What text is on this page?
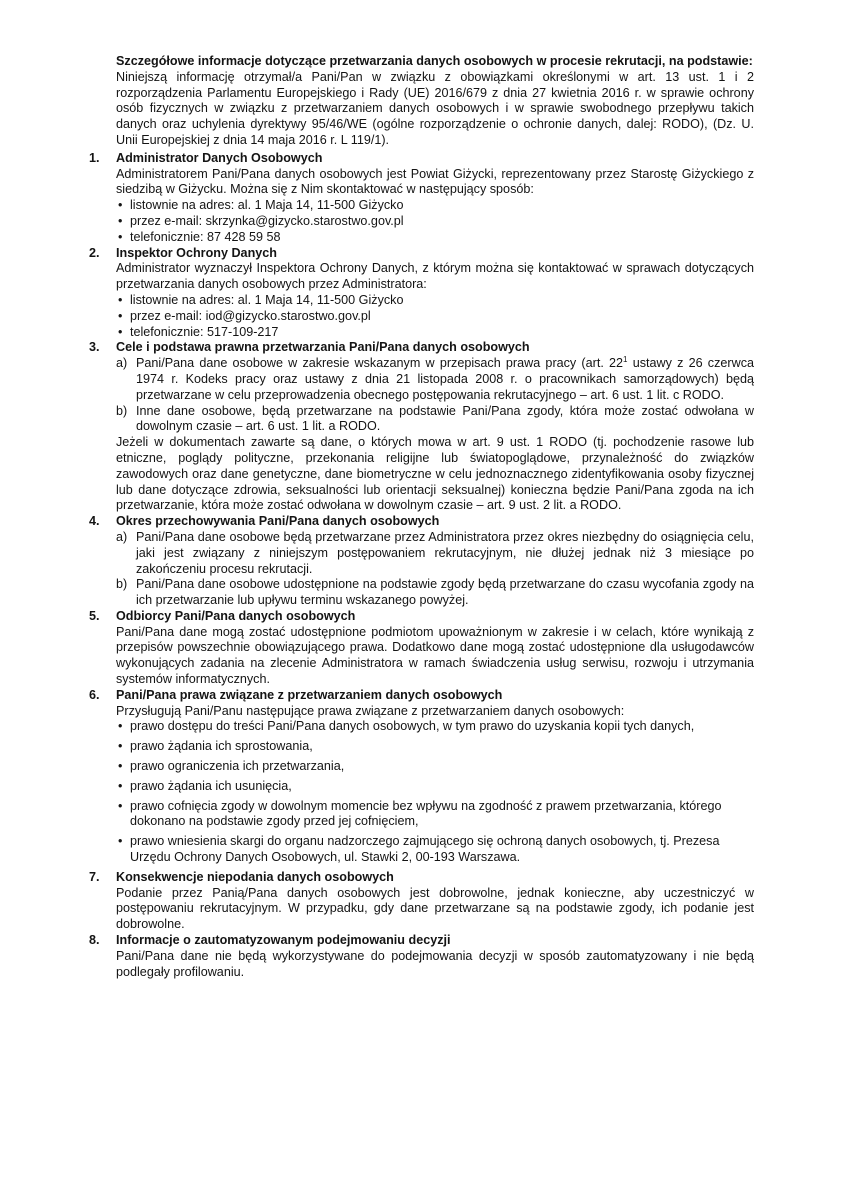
Szczegółowe informacje dotyczące przetwarzania danych osobowych w procesie rekrutacji, na podstawie:

Niniejszą informację otrzymał/a Pani/Pan w związku z obowiązkami określonymi w art. 13 ust. 1 i 2 rozporządzenia Parlamentu Europejskiego i Rady (UE) 2016/679 z dnia 27 kwietnia 2016 r. w sprawie ochrony osób fizycznych w związku z przetwarzaniem danych osobowych i w sprawie swobodnego przepływu takich danych oraz uchylenia dyrektywy 95/46/WE (ogólne rozporządzenie o ochronie danych, dalej: RODO), (Dz. U. Unii Europejskiej z dnia 14 maja 2016 r. L 119/1).

1. Administrator Danych Osobowych

Administratorem Pani/Pana danych osobowych jest Powiat Giżycki, reprezentowany przez Starostę Giżyckiego z siedzibą w Giżycku. Można się z Nim skontaktować w następujący sposób:

• listownie na adres: al. 1 Maja 14, 11-500 Giżycko
• przez e-mail: skrzynka@gizycko.starostwo.gov.pl
• telefonicznie: 87 428 59 58
2. Inspektor Ochrony Danych

Administrator wyznaczył Inspektora Ochrony Danych, z którym można się kontaktować w sprawach dotyczących przetwarzania danych osobowych przez Administratora:

• listownie na adres: al. 1 Maja 14, 11-500 Giżycko
• przez e-mail: iod@gizycko.starostwo.gov.pl
• telefonicznie: 517-109-217
3. Cele i podstawa prawna przetwarzania Pani/Pana danych osobowych

a) Pani/Pana dane osobowe w zakresie wskazanym w przepisach prawa pracy (art. $22^1$ ustawy z 26 czerwca 1974 r. Kodeks pracy oraz ustawy z dnia 21 listopada 2008 r. o pracownikach samorządowych) będą przetwarzane w celu przeprowadzenia obecnego postępowania rekrutacyjnego – art. 6 ust. 1 lit. c RODO.
b) Inne dane osobowe, będą przetwarzane na podstawie Pani/Pana zgody, która może zostać odwołana w dowolnym czasie – art. 6 ust. 1 lit. a RODO.

Jeżeli w dokumentach zawarte są dane, o których mowa w art. 9 ust. 1 RODO (tj. pochodzenie rasowe lub etniczne, poglądy polityczne, przekonania religijne lub światopoglądowe, przynależność do związków zawodowych oraz dane genetyczne, dane biometryczne w celu jednoznacznego zidentyfikowania osoby fizycznej lub dane dotyczące zdrowia, seksualności lub orientacji seksualnej) konieczna będzie Pani/Pana zgoda na ich przetwarzanie, która może zostać odwołana w dowolnym czasie – art. 9 ust. 2 lit. a RODO.

4. Okres przechowywania Pani/Pana danych osobowych

a) Pani/Pana dane osobowe będą przetwarzane przez Administratora przez okres niezbędny do osiągnięcia celu, jaki jest związany z niniejszym postępowaniem rekrutacyjnym, nie dłużej jednak niż 3 miesiące po zakończeniu procesu rekrutacji.
b) Pani/Pana dane osobowe udostępnione na podstawie zgody będą przetwarzane do czasu wycofania zgody na ich przetwarzanie lub upływu terminu wskazanego powyżej.
5. Odbiorcy Pani/Pana danych osobowych

Pani/Pana dane mogą zostać udostępnione podmiotom upoważnionym w zakresie i w celach, które wynikają z przepisów powszechnie obowiązującego prawa. Dodatkowo dane mogą zostać udostępnione dla usługodawców wykonujących zadania na zlecenie Administratora w ramach świadczenia usług serwisu, rozwoju i utrzymania systemów informatycznych.

6. Pani/Pana prawa związane z przetwarzaniem danych osobowych

Przysługują Pani/Panu następujące prawa związane z przetwarzaniem danych osobowych:

• prawo dostępu do treści Pani/Pana danych osobowych, w tym prawo do uzyskania kopii tych danych,
• prawo żądania ich sprostowania,
• prawo ograniczenia ich przetwarzania,
• prawo żądania ich usunięcia,
• prawo cofnięcia zgody w dowolnym momencie bez wpływu na zgodność z prawem przetwarzania, którego dokonano na podstawie zgody przed jej cofnięciem,
• prawo wniesienia skargi do organu nadzorczego zajmującego się ochroną danych osobowych, tj. Prezesa Urzędu Ochrony Danych Osobowych, ul. Stawki 2, 00-193 Warszawa.
7. Konsekwencje niepodania danych osobowych

Podanie przez Panią/Pana danych osobowych jest dobrowolne, jednak konieczne, aby uczestniczyć w postępowaniu rekrutacyjnym. W przypadku, gdy dane przetwarzane są na podstawie zgody, ich podanie jest dobrowolne.

8. Informacje o zautomatyzowanym podejmowaniu decyzji

Pani/Pana dane nie będą wykorzystywane do podejmowania decyzji w sposób zautomatyzowany i nie będą podlegały profilowaniu.
